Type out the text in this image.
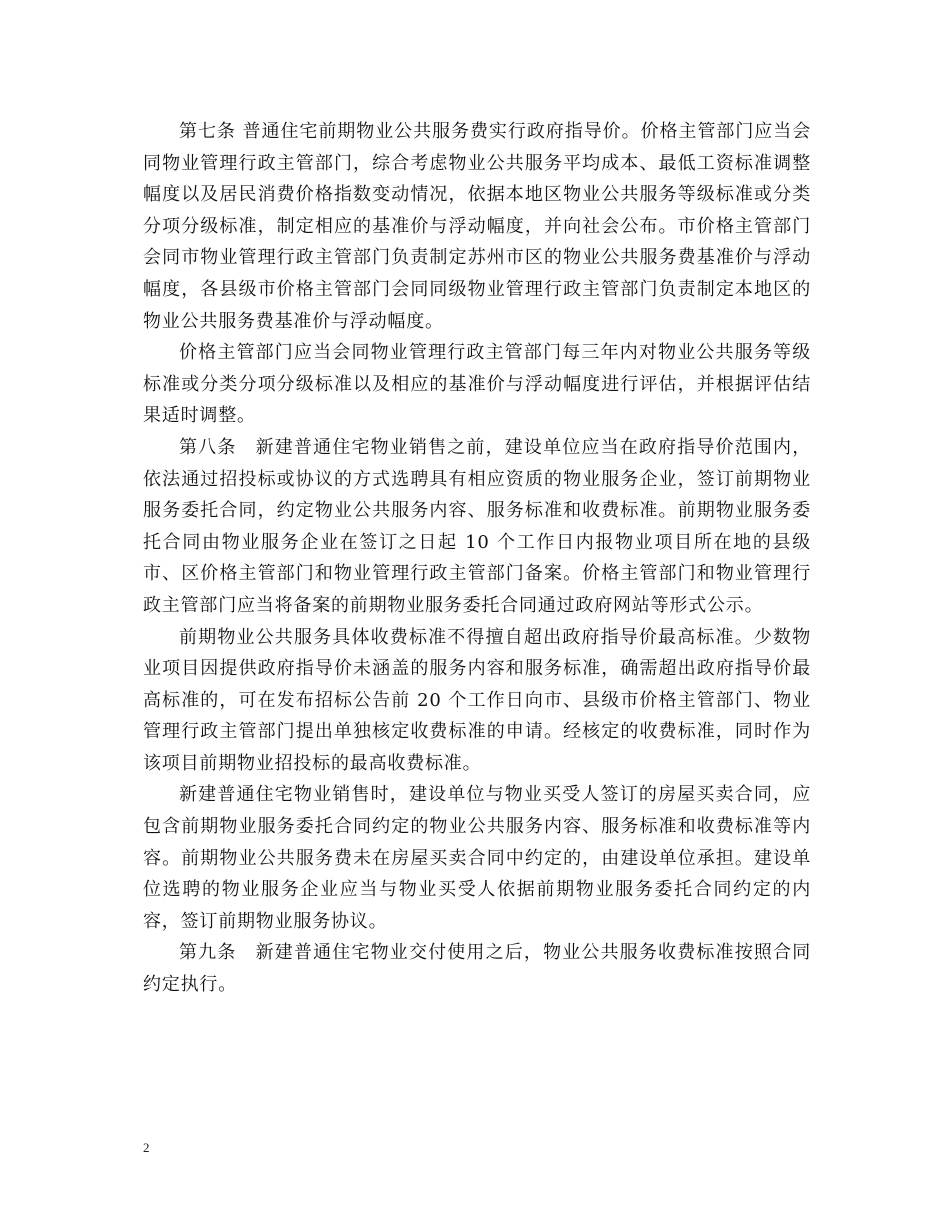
第七条 普通住宅前期物业公共服务费实行政府指导价。价格主管部门应当会同物业管理行政主管部门，综合考虑物业公共服务平均成本、最低工资标准调整幅度以及居民消费价格指数变动情况，依据本地区物业公共服务等级标准或分类分项分级标准，制定相应的基准价与浮动幅度，并向社会公布。市价格主管部门会同市物业管理行政主管部门负责制定苏州市区的物业公共服务费基准价与浮动幅度，各县级市价格主管部门会同同级物业管理行政主管部门负责制定本地区的物业公共服务费基准价与浮动幅度。

价格主管部门应当会同物业管理行政主管部门每三年内对物业公共服务等级标准或分类分项分级标准以及相应的基准价与浮动幅度进行评估，并根据评估结果适时调整。

第八条　新建普通住宅物业销售之前，建设单位应当在政府指导价范围内，依法通过招投标或协议的方式选聘具有相应资质的物业服务企业，签订前期物业服务委托合同，约定物业公共服务内容、服务标准和收费标准。前期物业服务委托合同由物业服务企业在签订之日起 10 个工作日内报物业项目所在地的县级市、区价格主管部门和物业管理行政主管部门备案。价格主管部门和物业管理行政主管部门应当将备案的前期物业服务委托合同通过政府网站等形式公示。

前期物业公共服务具体收费标准不得擅自超出政府指导价最高标准。少数物业项目因提供政府指导价未涵盖的服务内容和服务标准，确需超出政府指导价最高标准的，可在发布招标公告前 20 个工作日向市、县级市价格主管部门、物业管理行政主管部门提出单独核定收费标准的申请。经核定的收费标准，同时作为该项目前期物业招投标的最高收费标准。

新建普通住宅物业销售时，建设单位与物业买受人签订的房屋买卖合同，应包含前期物业服务委托合同约定的物业公共服务内容、服务标准和收费标准等内容。前期物业公共服务费未在房屋买卖合同中约定的，由建设单位承担。建设单位选聘的物业服务企业应当与物业买受人依据前期物业服务委托合同约定的内容，签订前期物业服务协议。

第九条　新建普通住宅物业交付使用之后，物业公共服务收费标准按照合同约定执行。

2
